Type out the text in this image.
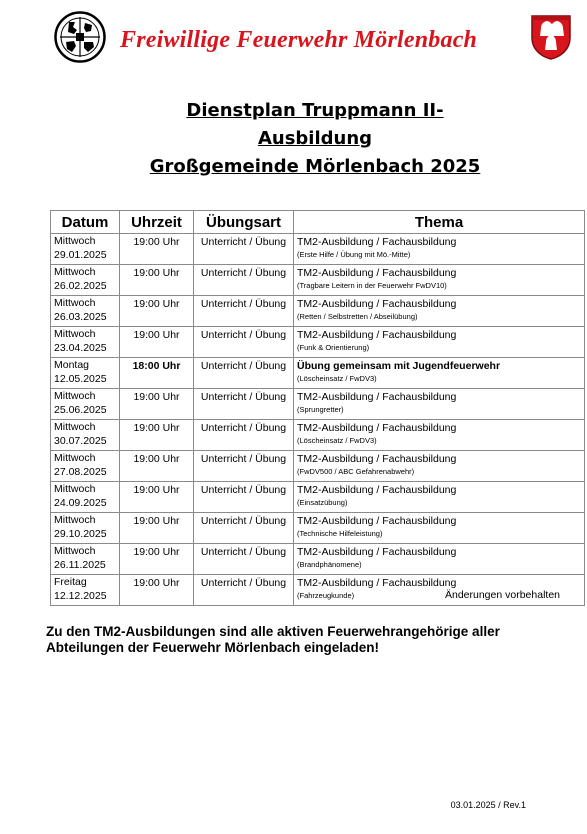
Freiwillige Feuerwehr Mörlenbach
Dienstplan Truppmann II-
Ausbildung
Großgemeinde Mörlenbach 2025
Datum	Uhrzeit	Übungsart	Thema
Mittwoch
29.01.2025	19:00 Uhr	Unterricht / Übung	TM2-Ausbildung / Fachausbildung
(Erste Hilfe / Übung mit Mö.-Mitte)

Mittwoch
26.02.2025	19:00 Uhr	Unterricht / Übung	TM2-Ausbildung / Fachausbildung
(Tragbare Leitern in der Feuerwehr FwDV10)

Mittwoch
26.03.2025	19:00 Uhr	Unterricht / Übung	TM2-Ausbildung / Fachausbildung
(Retten / Selbstretten / Abseilübung)

Mittwoch
23.04.2025	19:00 Uhr	Unterricht / Übung	TM2-Ausbildung / Fachausbildung
(Funk & Orientierung)

Montag
12.05.2025	18:00 Uhr	Unterricht / Übung	Übung gemeinsam mit Jugendfeuerwehr
(Löscheinsatz / FwDV3)

Mittwoch
25.06.2025	19:00 Uhr	Unterricht / Übung	TM2-Ausbildung / Fachausbildung
(Sprungretter)

Mittwoch
30.07.2025	19:00 Uhr	Unterricht / Übung	TM2-Ausbildung / Fachausbildung
(Löscheinsatz / FwDV3)

Mittwoch
27.08.2025	19:00 Uhr	Unterricht / Übung	TM2-Ausbildung / Fachausbildung
(FwDV500 / ABC Gefahrenabwehr)

Mittwoch
24.09.2025	19:00 Uhr	Unterricht / Übung	TM2-Ausbildung / Fachausbildung
(Einsatzübung)

Mittwoch
29.10.2025	19:00 Uhr	Unterricht / Übung	TM2-Ausbildung / Fachausbildung
(Technische Hilfeleistung)

Mittwoch
26.11.2025	19:00 Uhr	Unterricht / Übung	TM2-Ausbildung / Fachausbildung
(Brandphänomene)

Freitag
12.12.2025	19:00 Uhr	Unterricht / Übung	TM2-Ausbildung / Fachausbildung
(Fahrzeugkunde)	Änderungen vorbehalten
Zu den TM2-Ausbildungen sind alle aktiven Feuerwehrangehörige aller
Abteilungen der Feuerwehr Mörlenbach eingeladen!
03.01.2025 / Rev.1
